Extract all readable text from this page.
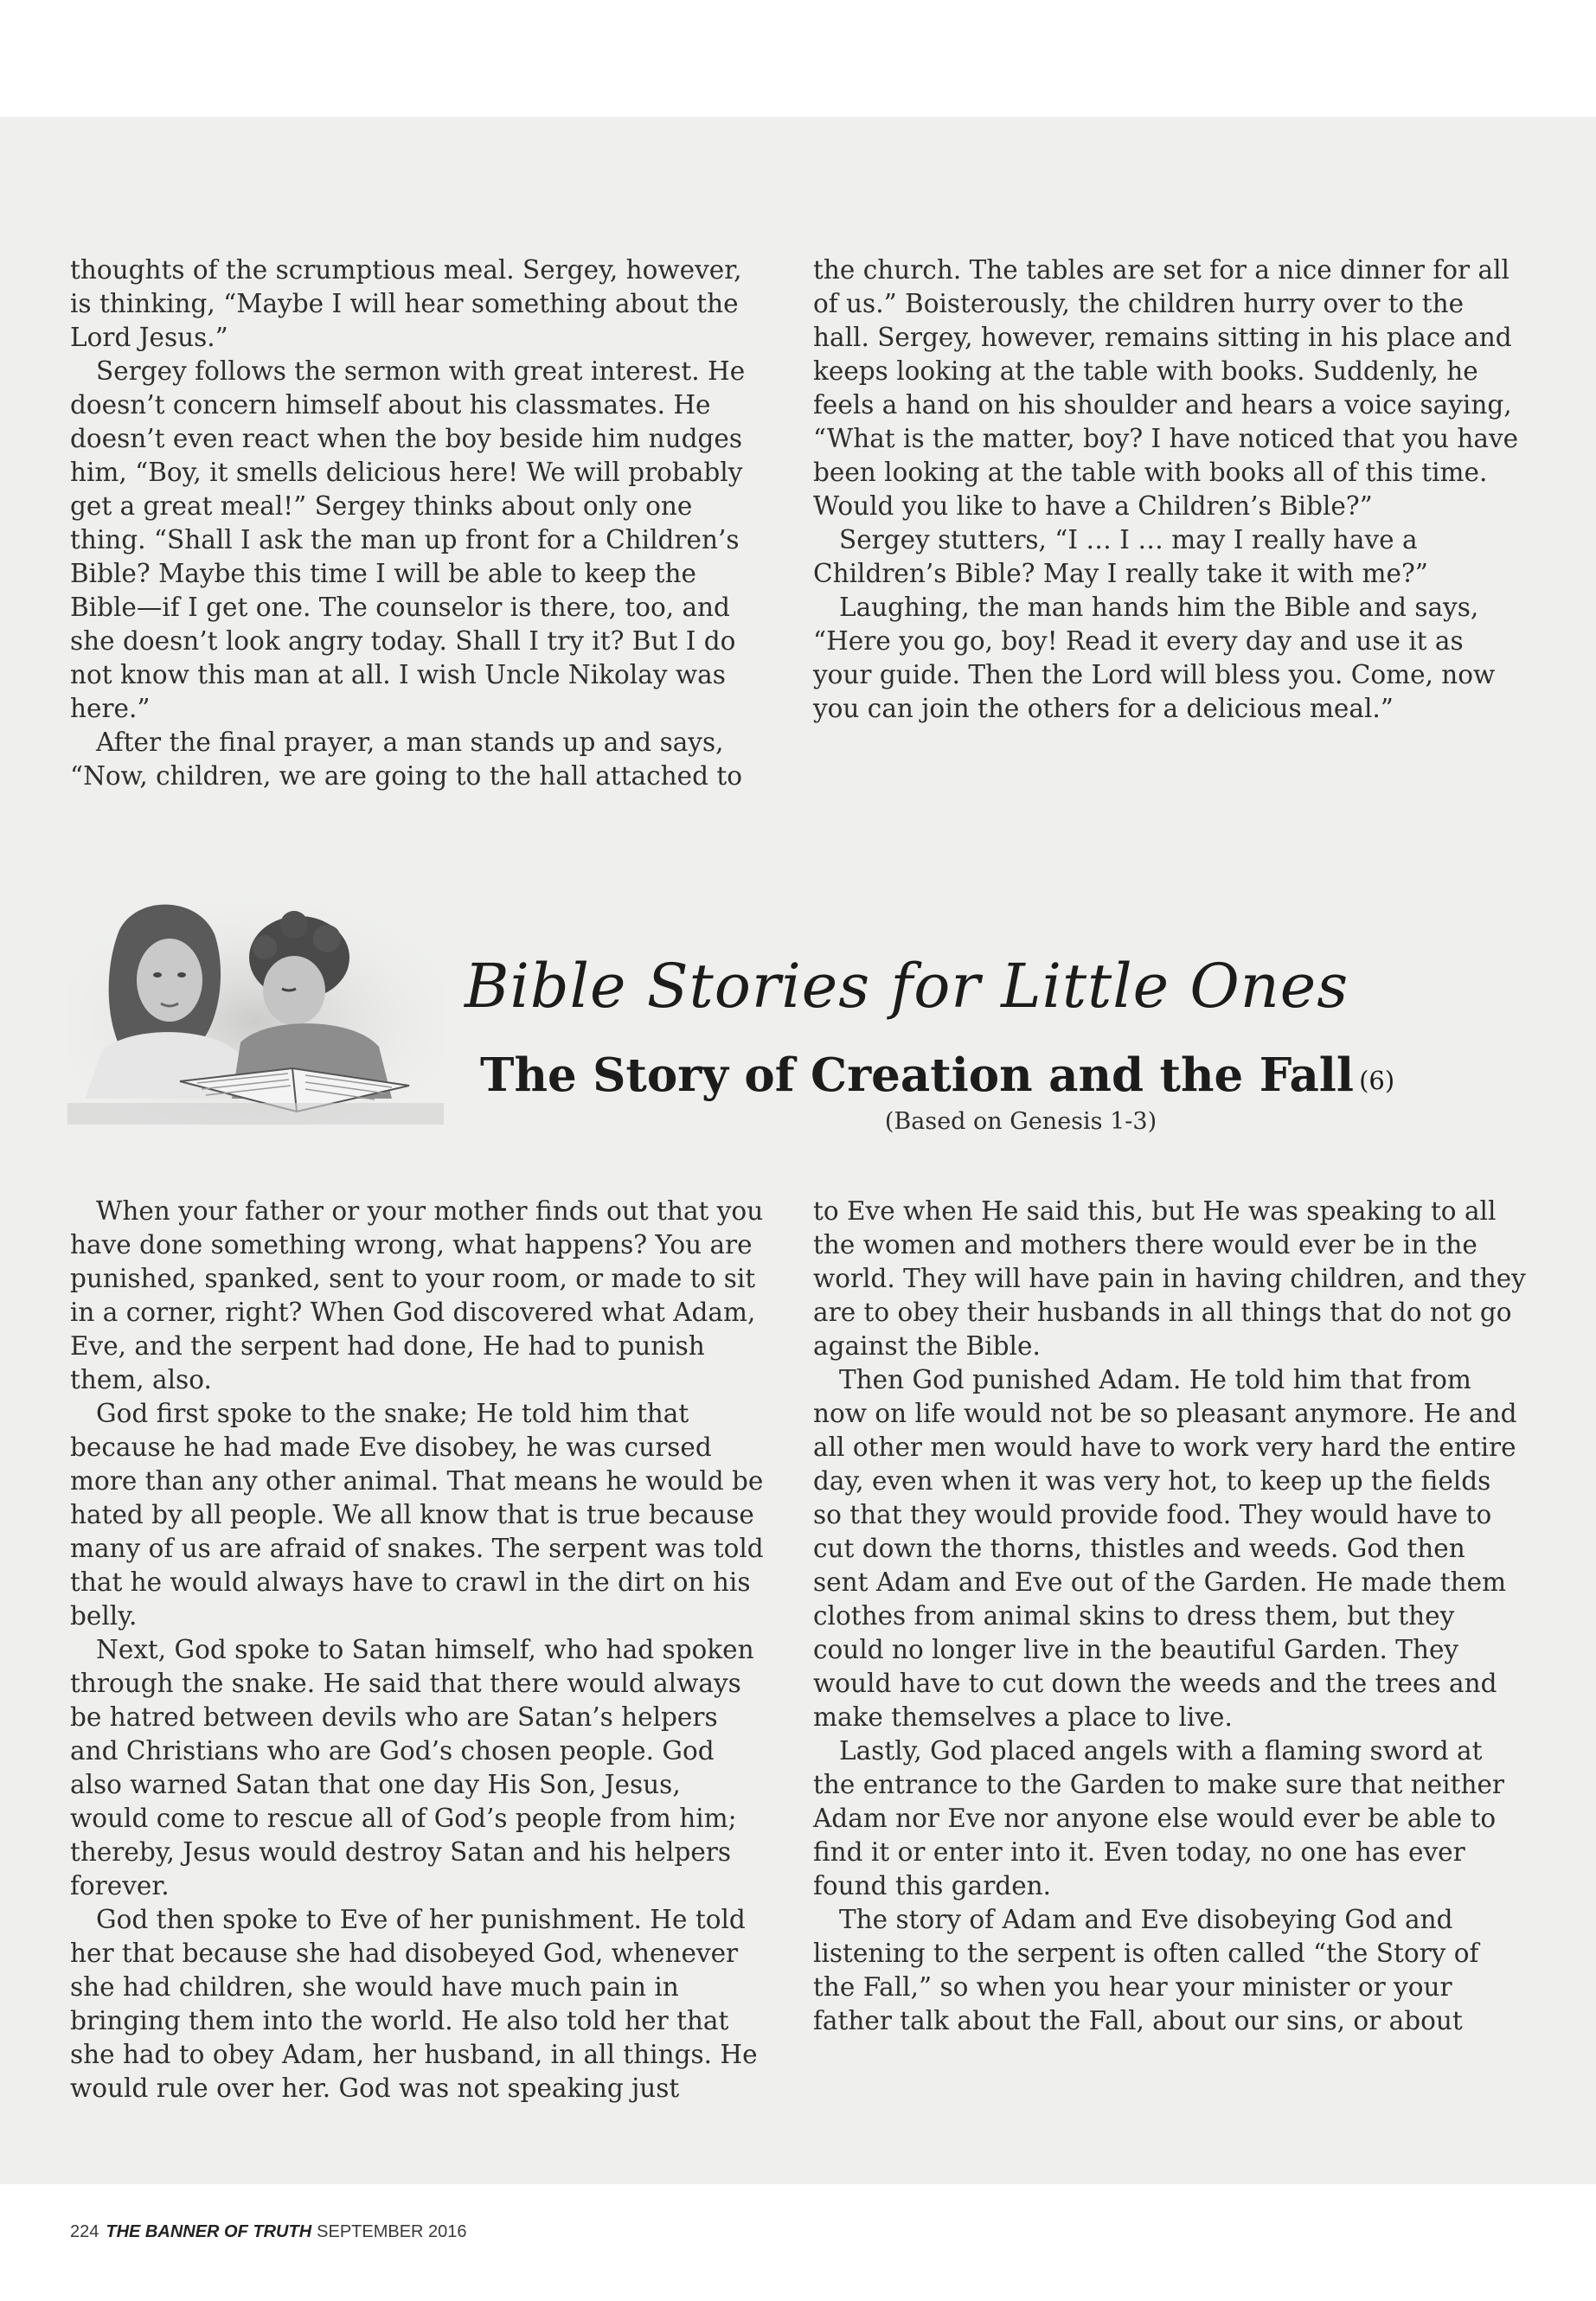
thoughts of the scrumptious meal. Sergey, however, is thinking, “Maybe I will hear something about the Lord Jesus.”

Sergey follows the sermon with great interest. He doesn’t concern himself about his classmates. He doesn’t even react when the boy beside him nudges him, “Boy, it smells delicious here! We will probably get a great meal!” Sergey thinks about only one thing. “Shall I ask the man up front for a Children’s Bible? Maybe this time I will be able to keep the Bible—if I get one. The counselor is there, too, and she doesn’t look angry today. Shall I try it? But I do not know this man at all. I wish Uncle Nikolay was here.”

After the final prayer, a man stands up and says, “Now, children, we are going to the hall attached to

the church. The tables are set for a nice dinner for all of us.” Boisterously, the children hurry over to the hall. Sergey, however, remains sitting in his place and keeps looking at the table with books. Suddenly, he feels a hand on his shoulder and hears a voice saying, “What is the matter, boy? I have noticed that you have been looking at the table with books all of this time. Would you like to have a Children’s Bible?”

Sergey stutters, “I … I … may I really have a Children’s Bible? May I really take it with me?”

Laughing, the man hands him the Bible and says, “Here you go, boy! Read it every day and use it as your guide. Then the Lord will bless you. Come, now you can join the others for a delicious meal.”

Bible Stories for Little Ones
The Story of Creation and the Fall (6)
(Based on Genesis 1-3)

When your father or your mother finds out that you have done something wrong, what happens? You are punished, spanked, sent to your room, or made to sit in a corner, right? When God discovered what Adam, Eve, and the serpent had done, He had to punish them, also.

God first spoke to the snake; He told him that because he had made Eve disobey, he was cursed more than any other animal. That means he would be hated by all people. We all know that is true because many of us are afraid of snakes. The serpent was told that he would always have to crawl in the dirt on his belly.

Next, God spoke to Satan himself, who had spoken through the snake. He said that there would always be hatred between devils who are Satan’s helpers and Christians who are God’s chosen people. God also warned Satan that one day His Son, Jesus, would come to rescue all of God’s people from him; thereby, Jesus would destroy Satan and his helpers forever.

God then spoke to Eve of her punishment. He told her that because she had disobeyed God, whenever she had children, she would have much pain in bringing them into the world. He also told her that she had to obey Adam, her husband, in all things. He would rule over her. God was not speaking just

to Eve when He said this, but He was speaking to all the women and mothers there would ever be in the world. They will have pain in having children, and they are to obey their husbands in all things that do not go against the Bible.

Then God punished Adam. He told him that from now on life would not be so pleasant anymore. He and all other men would have to work very hard the entire day, even when it was very hot, to keep up the fields so that they would provide food. They would have to cut down the thorns, thistles and weeds. God then sent Adam and Eve out of the Garden. He made them clothes from animal skins to dress them, but they could no longer live in the beautiful Garden. They would have to cut down the weeds and the trees and make themselves a place to live.

Lastly, God placed angels with a flaming sword at the entrance to the Garden to make sure that neither Adam nor Eve nor anyone else would ever be able to find it or enter into it. Even today, no one has ever found this garden.

The story of Adam and Eve disobeying God and listening to the serpent is often called “the Story of the Fall,” so when you hear your minister or your father talk about the Fall, about our sins, or about

224 THE BANNER OF TRUTH SEPTEMBER 2016
